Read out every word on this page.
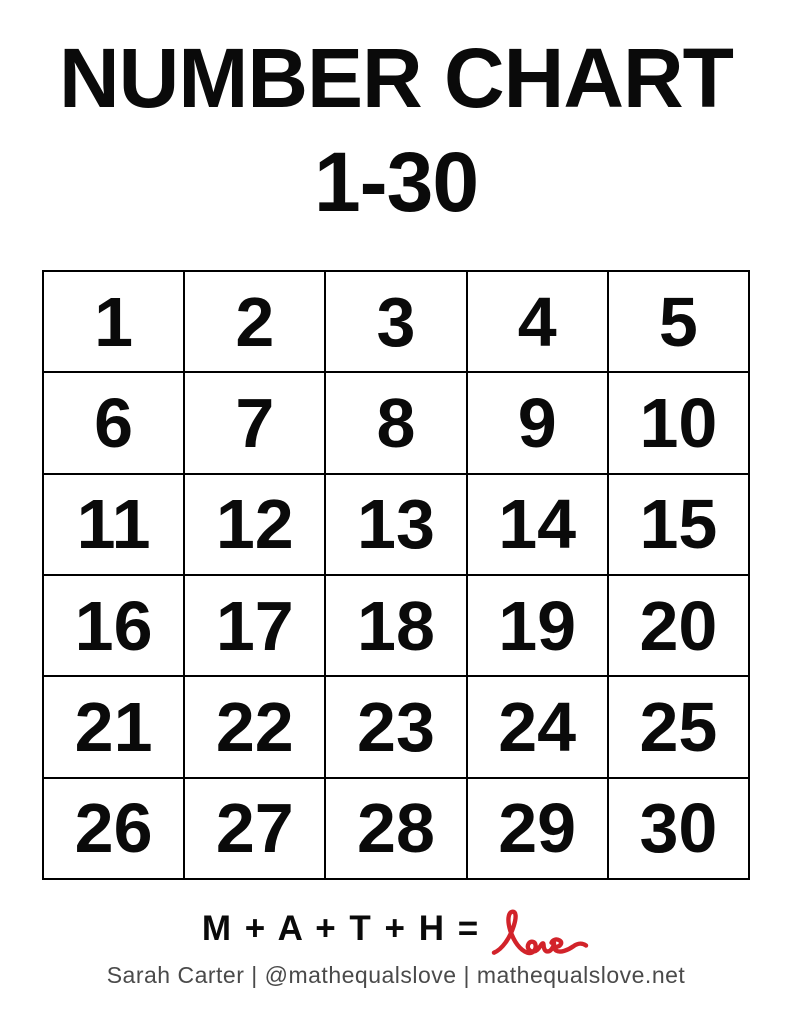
NUMBER CHART
1-30
1	2	3	4	5
6	7	8	9	10
11 12 13 14 15
16 17 18 19 20
21 22 23 24 25
26 27 28 29 30
M + A + T + H =
Sarah Carter | @mathequalslove | mathequalslove.net
